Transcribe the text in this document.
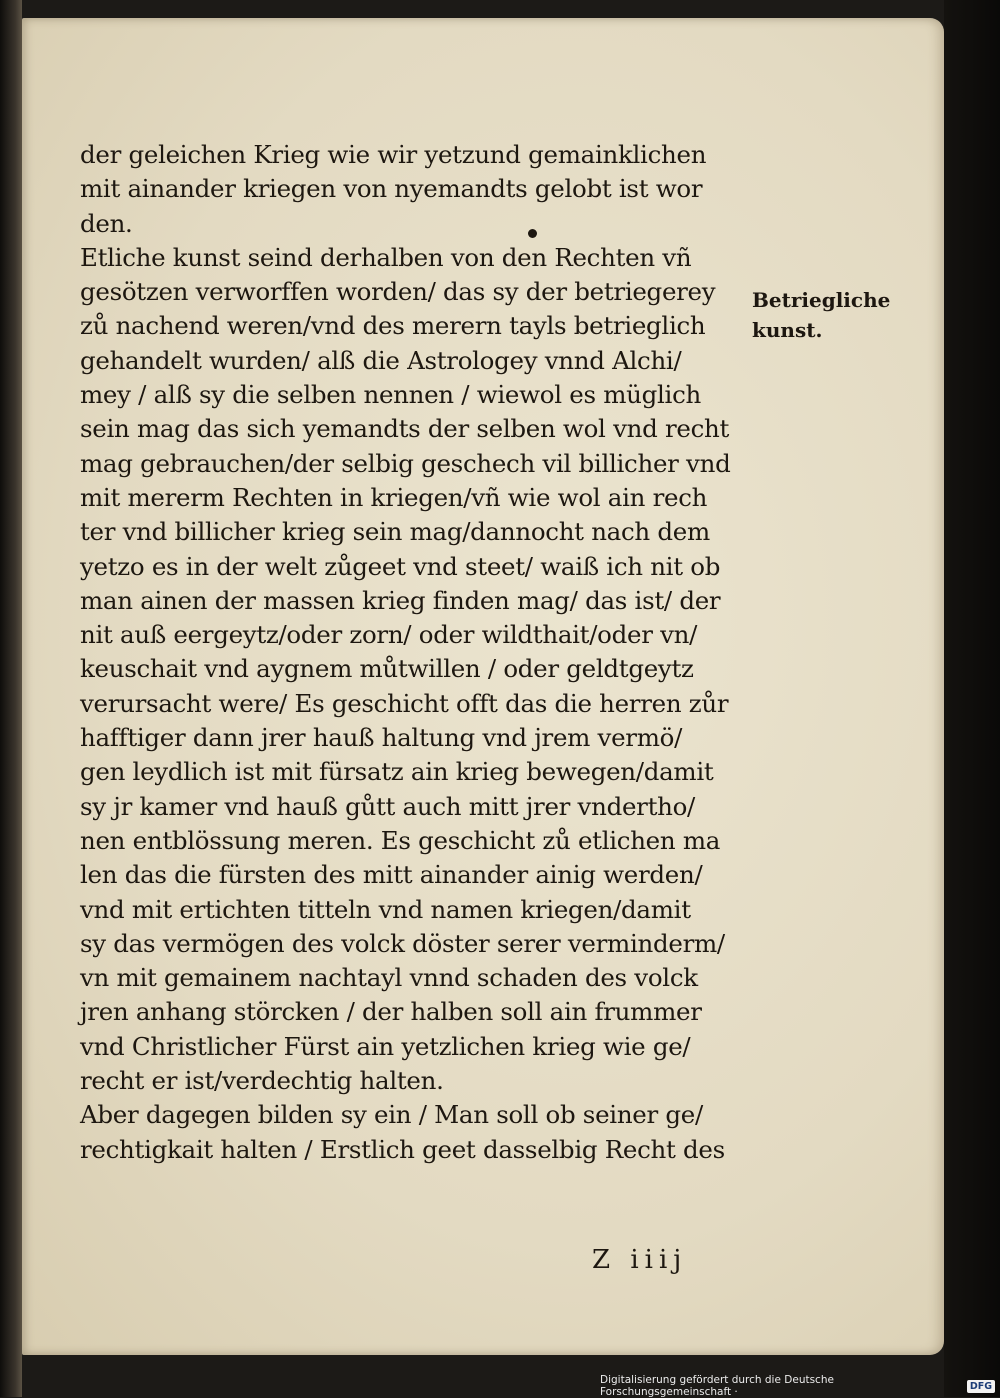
der geleichen Krieg wie wir yetzund gemainklichen
mit ainander kriegen von nyemandts gelobt ist wor
den.
Etliche kunst seind derhalben von den Rechten vñ
gesötzen verworffen worden/ das sy der betriegerey
zů nachend weren/vnd des merern tayls betrieglich
gehandelt wurden/ alß die Astrologey vnnd Alchi/
mey / alß sy die selben nennen / wiewol es müglich
sein mag das sich yemandts der selben wol vnd recht
mag gebrauchen/der selbig geschech vil billicher vnd
mit mererm Rechten in kriegen/vñ wie wol ain rech
ter vnd billicher krieg sein mag/dannocht nach dem
yetzo es in der welt zůgeet vnd steet/ waiß ich nit ob
man ainen der massen krieg finden mag/ das ist/ der
nit auß eergeytz/oder zorn/ oder wildthait/oder vn/
keuschait vnd aygnem můtwillen / oder geldtgeytz
verursacht were/ Es geschicht offt das die herren zůr
hafftiger dann jrer hauß haltung vnd jrem vermö/
gen leydlich ist mit fürsatz ain krieg bewegen/damit
sy jr kamer vnd hauß gůtt auch mitt jrer vndertho/
nen entblössung meren. Es geschicht zů etlichen ma
len das die fürsten des mitt ainander ainig werden/
vnd mit ertichten titteln vnd namen kriegen/damit
sy das vermögen des volck döster serer verminderm/
vn mit gemainem nachtayl vnnd schaden des volck
jren anhang störcken / der halben soll ain frummer
vnd Christlicher Fürst ain yetzlichen krieg wie ge/
recht er ist/verdechtig halten.
Aber dagegen bilden sy ein / Man soll ob seiner ge/
rechtigkait halten / Erstlich geet dasselbig Recht des
Betriegliche
kunst.
Z iiij
Digitalisierung gefördert durch die Deutsche Forschungsgemeinschaft ·	DFG
